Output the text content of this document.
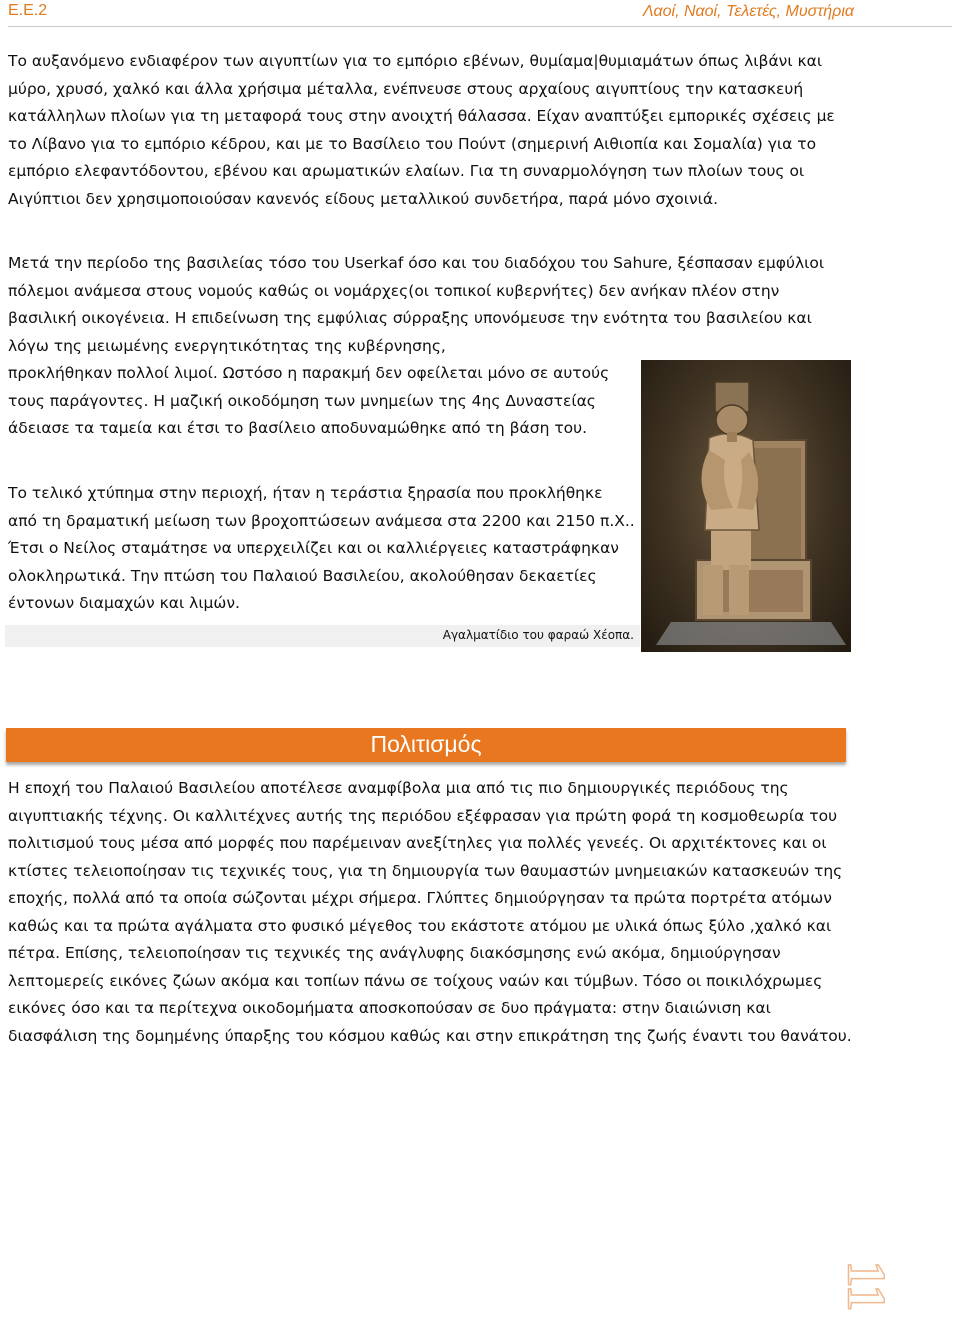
Ε.Ε.2	Λαοί, Ναοί, Τελετές, Μυστήρια

Το αυξανόμενο ενδιαφέρον των αιγυπτίων για το εμπόριο εβένων, θυμίαμα|θυμιαμάτων όπως λιβάνι και μύρο, χρυσό, χαλκό και άλλα χρήσιμα μέταλλα, ενέπνευσε στους αρχαίους αιγυπτίους την κατασκευή κατάλληλων πλοίων για τη μεταφορά τους στην ανοιχτή θάλασσα. Είχαν αναπτύξει εμπορικές σχέσεις με το Λίβανο για το εμπόριο κέδρου, και με το Βασίλειο του Πούντ (σημερινή Αιθιοπία και Σομαλία) για το εμπόριο ελεφαντόδοντου, εβένου και αρωματικών ελαίων. Για τη συναρμολόγηση των πλοίων τους οι Αιγύπτιοι δεν χρησιμοποιούσαν κανενός είδους μεταλλικού συνδετήρα, παρά μόνο σχοινιά.

Μετά την περίοδο της βασιλείας τόσο του Userkaf όσο και του διαδόχου του Sahure, ξέσπασαν εμφύλιοι πόλεμοι ανάμεσα στους νομούς καθώς οι νομάρχες(οι τοπικοί κυβερνήτες) δεν ανήκαν πλέον στην βασιλική οικογένεια. Η επιδείνωση της εμφύλιας σύρραξης υπονόμευσε την ενότητα του βασιλείου και λόγω της μειωμένης ενεργητικότητας της κυβέρνησης,

προκλήθηκαν πολλοί λιμοί. Ωστόσο η παρακμή δεν οφείλεται μόνο σε αυτούς τους παράγοντες. Η μαζική οικοδόμηση των μνημείων της 4ης Δυναστείας άδειασε τα ταμεία και έτσι το βασίλειο αποδυναμώθηκε από τη βάση του.

Το τελικό χτύπημα στην περιοχή, ήταν η τεράστια ξηρασία που προκλήθηκε από τη δραματική μείωση των βροχοπτώσεων ανάμεσα στα 2200 και 2150 π.Χ.. Έτσι ο Νείλος σταμάτησε να υπερχειλίζει και οι καλλιέργειες καταστράφηκαν ολοκληρωτικά. Την πτώση του Παλαιού Βασιλείου, ακολούθησαν δεκαετίες έντονων διαμαχών και λιμών.

Αγαλματίδιο του φαραώ Χέοπα.
Πολιτισμός

Η εποχή του Παλαιού Βασιλείου αποτέλεσε αναμφίβολα μια από τις πιο δημιουργικές περιόδους της αιγυπτιακής τέχνης. Οι καλλιτέχνες αυτής της περιόδου εξέφρασαν για πρώτη φορά τη κοσμοθεωρία του πολιτισμού τους μέσα από μορφές που παρέμειναν ανεξίτηλες για πολλές γενεές. Οι αρχιτέκτονες και οι κτίστες τελειοποίησαν τις τεχνικές τους, για τη δημιουργία των θαυμαστών μνημειακών κατασκευών της εποχής, πολλά από τα οποία σώζονται μέχρι σήμερα. Γλύπτες δημιούργησαν τα πρώτα πορτρέτα ατόμων καθώς και τα πρώτα αγάλματα στο φυσικό μέγεθος του εκάστοτε ατόμου με υλικά όπως ξύλο ,χαλκό και πέτρα. Επίσης, τελειοποίησαν τις τεχνικές της ανάγλυφης διακόσμησης ενώ ακόμα, δημιούργησαν λεπτομερείς εικόνες ζώων ακόμα και τοπίων πάνω σε τοίχους ναών και τύμβων. Τόσο οι ποικιλόχρωμες εικόνες όσο και τα περίτεχνα οικοδομήματα αποσκοπούσαν σε δυο πράγματα: στην διαιώνιση και διασφάλιση της δομημένης ύπαρξης του κόσμου καθώς και στην επικράτηση της ζωής έναντι του θανάτου.

11
